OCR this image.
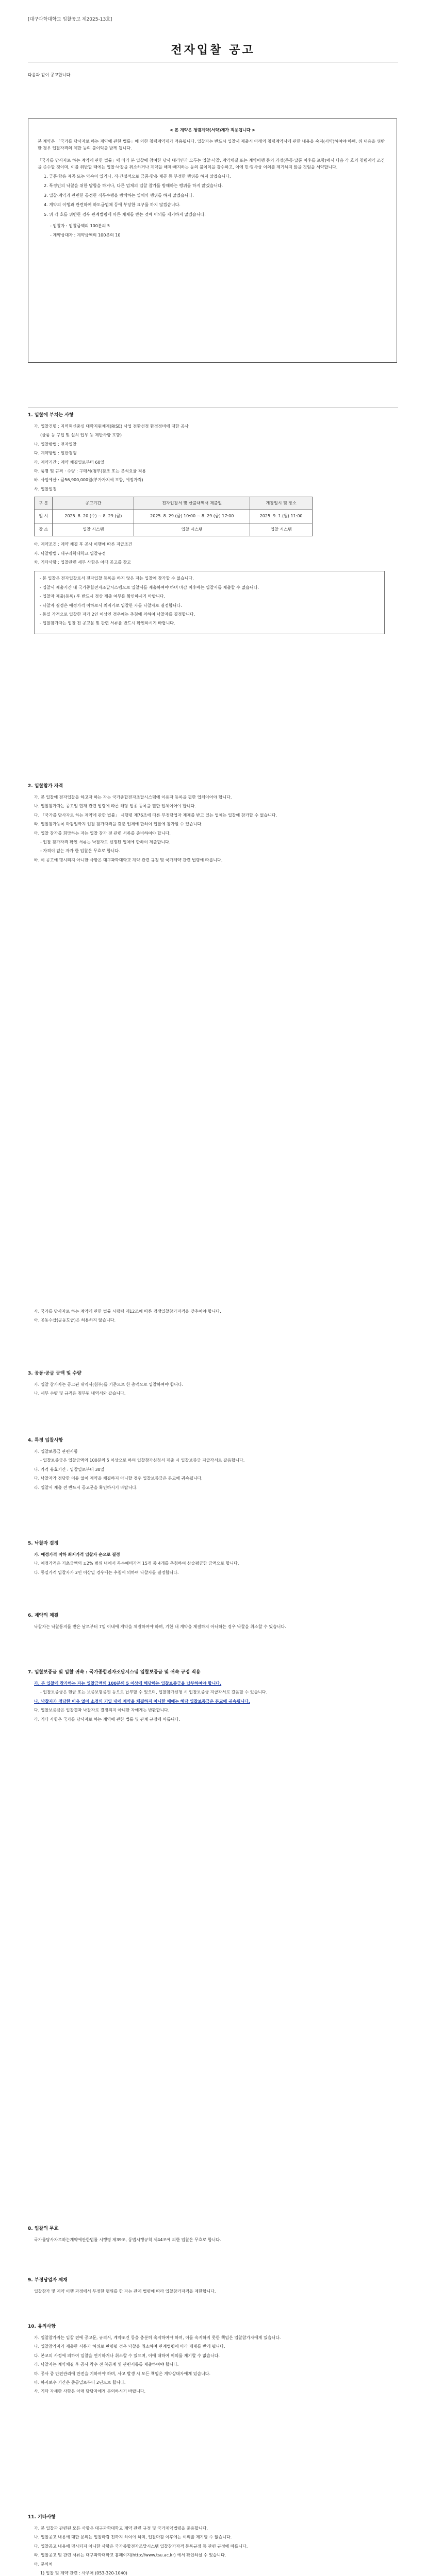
[대구과학대학교 입찰공고 제2025-13호]
전자입찰 공고
다음과 같이 공고합니다.
< 본 계약은 청렴계약(서약)제가 적용됩니다 >

본 계약은 「국가를 당사자로 하는 계약에 관한 법률」에 의한 청렴계약제가 적용됩니다. 입찰자는 반드시 입찰서 제출시 아래의 청렴계약서에 관한 내용을 숙지(서약)하여야 하며, 위 내용을 위반한 경우 입찰자격의 제한 등의 불이익을 받게 됩니다.

「국가를 당사자로 하는 계약에 관한 법률」에 따라 본 입찰에 참여한 당사 대리인과 모두는 입찰·낙찰, 계약체결 또는 계약이행 등의 과정(준공·납품 이후를 포함)에서 다음 각 호의 청렴계약 조건을 준수할 것이며, 이를 위반할 때에는 입찰·낙찰을 취소하거나 계약을 해제·해지하는 등의 불이익을 감수하고, 이에 민·형사상 이의를 제기하지 않을 것임을 서약합니다.

1. 금품·향응 제공 또는 약속이 있거나, 직·간접적으로 금품·향응 제공 등 부정한 행위를 하지 않겠습니다.

2. 특정인의 낙찰을 위한 담합을 하거나, 다른 업체의 입찰 참가를 방해하는 행위를 하지 않겠습니다.

3. 입찰·계약과 관련한 공정한 직무수행을 방해하는 일체의 행위를 하지 않겠습니다.

4. 계약의 이행과 관련하여 하도급업체 등에 부당한 요구를 하지 않겠습니다.

5. 위 각 호를 위반한 경우 관계법령에 따른 제재를 받는 것에 이의를 제기하지 않겠습니다.

- 입찰자 : 입찰금액의 100분의 5

- 계약상대자 : 계약금액의 100분의 10

1. 입찰에 부치는 사항

가. 입찰건명 : 지역혁신중심 대학지원체계(RISE) 사업 전환선정 환경정비에 대한 공사

(물품 등 구입 및 설치 업무 등 제반사항 포함)

나. 입찰방법 : 전자입찰

다. 계약방법 : 일반경쟁

라. 계약기간 : 계약 체결일로부터 60일

마. 품명 및 규격 · 수량 : 구매서(첨부)참조 또는 분석요율 적용

바. 사업예산 : 금56,900,000원(부가가치세 포함, 예정가격)

사. 입찰일정

구 분	공고기간	전자입찰서 및 산출내역서 제출일	개찰일시 및 장소
일 시	2025. 8. 20.(수) ~ 8. 29.(금)	2025. 8. 29.(금) 10:00 ~ 8. 29.(금) 17:00	2025. 9. 1.(월) 11:00
장 소	입찰 시스템	입찰 시스템	입찰 시스템

아. 계약조건 : 계약 체결 후 공사 이행에 따른 지급조건

자. 낙찰방법 : 대구과학대학교 입찰규정

차. 기타사항 : 입찰관련 세부 사항은 아래 공고를 참고

- 본 입찰은 전자입찰로서 전자입찰 등록을 하지 않은 자는 입찰에 참가할 수 없습니다.

- 입찰서 제출기간 내 국가종합전자조달시스템으로 입찰서를 제출하여야 하며 마감 이후에는 입찰서를 제출할 수 없습니다.

- 입찰자 제출(등록) 후 반드시 정상 제출 여부를 확인하시기 바랍니다.

- 낙찰자 결정은 예정가격 이하로서 최저가로 입찰한 자를 낙찰자로 결정합니다.

- 동일 가격으로 입찰한 자가 2인 이상인 경우에는 추첨에 의하여 낙찰자를 결정합니다.

- 입찰참가자는 입찰 전 공고문 및 관련 서류를 반드시 확인하시기 바랍니다.

2. 입찰참가 자격

가. 본 입찰에 전자입찰을 하고자 하는 자는 국가종합전자조달시스템에 이용자 등록을 필한 업체이어야 합니다.

나. 입찰참가자는 공고일 현재 관련 법령에 따른 해당 업종 등록을 필한 업체이어야 합니다.

다. 「국가를 당사자로 하는 계약에 관한 법률」 시행령 제76조에 따른 부정당업자 제재를 받고 있는 업체는 입찰에 참가할 수 없습니다.

라. 입찰참가등록 마감일까지 입찰 참가자격을 갖춘 업체에 한하여 입찰에 참가할 수 있습니다.

마. 입찰 참가를 희망하는 자는 입찰 참가 전 관련 서류를 준비하여야 합니다.

- 입찰 참가자격 확인 서류는 낙찰자로 선정된 업체에 한하여 제출합니다.

- 자격이 없는 자가 한 입찰은 무효로 합니다.

바. 이 공고에 명시되지 아니한 사항은 대구과학대학교 계약 관련 규정 및 국가계약 관련 법령에 따릅니다.

사. 국가를 당사자로 하는 계약에 관한 법률 시행령 제12조에 따른 경쟁입찰참가자격을 갖추어야 합니다.

아. 공동수급(공동도급)은 허용하지 않습니다.

3. 공동·공급 금액 및 수량

가. 입찰 참가자는 공고된 내역서(첨부)를 기준으로 한 총액으로 입찰하여야 합니다.

나. 세부 수량 및 규격은 첨부된 내역서와 같습니다.

4. 특정 입찰사항

가. 입찰보증금 관련사항

- 입찰보증금은 입찰금액의 100분의 5 이상으로 하며 입찰참가신청서 제출 시 입찰보증금 지급각서로 갈음합니다.

나. 가격 유효기간 : 입찰일로부터 30일

다. 낙찰자가 정당한 이유 없이 계약을 체결하지 아니할 경우 입찰보증금은 본교에 귀속됩니다.

라. 입찰서 제출 전 반드시 공고문을 확인하시기 바랍니다.

5. 낙찰자 결정

가. 예정가격 이하 최저가격 입찰자 순으로 결정

나. 예정가격은 기초금액의 ±2% 범위 내에서 복수예비가격 15개 중 4개를 추첨하여 산술평균한 금액으로 합니다.

다. 동일가격 입찰자가 2인 이상일 경우에는 추첨에 의하여 낙찰자를 결정합니다.

6. 계약의 체결

낙찰자는 낙찰통지를 받은 날로부터 7일 이내에 계약을 체결하여야 하며, 기한 내 계약을 체결하지 아니하는 경우 낙찰을 취소할 수 있습니다.

7. 입찰보증금 및 입찰 귀속 : 국가종합전자조달시스템 입찰보증금 및 귀속 규정 적용

가. 본 입찰에 참가하는 자는 입찰금액의 100분의 5 이상에 해당하는 입찰보증금을 납부하여야 합니다.

- 입찰보증금은 현금 또는 보증보험증권 등으로 납부할 수 있으며, 입찰참가신청 시 입찰보증금 지급각서로 갈음할 수 있습니다.

나. 낙찰자가 정당한 이유 없이 소정의 기일 내에 계약을 체결하지 아니한 때에는 해당 입찰보증금은 본교에 귀속됩니다.

다. 입찰보증금은 입찰결과 낙찰자로 결정되지 아니한 자에게는 반환합니다.

라. 기타 사항은 국가를 당사자로 하는 계약에 관한 법률 및 관계 규정에 따릅니다.

8. 입찰의 무효

국가를당사자로하는계약에관한법률 시행령 제39조, 동법시행규칙 제44조에 의한 입찰은 무효로 합니다.

9. 부정당업자 제재

입찰참가 및 계약 이행 과정에서 부정한 행위를 한 자는 관계 법령에 따라 입찰참가자격을 제한합니다.

10. 유의사항

가. 입찰참가자는 입찰 전에 공고문, 규격서, 계약조건 등을 충분히 숙지하여야 하며, 이를 숙지하지 못한 책임은 입찰참가자에게 있습니다.

나. 입찰참가자가 제출한 서류가 허위로 판명될 경우 낙찰을 취소하며 관계법령에 따라 제재를 받게 됩니다.

다. 본교의 사정에 의하여 입찰을 연기하거나 취소할 수 있으며, 이에 대하여 이의를 제기할 수 없습니다.

라. 낙찰자는 계약체결 후 공사 착수 전 착공계 및 관련서류를 제출하여야 합니다.

마. 공사 중 안전관리에 만전을 기하여야 하며, 사고 발생 시 모든 책임은 계약상대자에게 있습니다.

바. 하자보수 기간은 준공일로부터 2년으로 합니다.

사. 기타 자세한 사항은 아래 담당자에게 문의하시기 바랍니다.

11. 기타사항

가. 본 입찰과 관련된 모든 사항은 대구과학대학교 계약 관련 규정 및 국가계약법령을 준용합니다.

나. 입찰공고 내용에 대한 문의는 입찰마감 전까지 하여야 하며, 입찰마감 이후에는 이의를 제기할 수 없습니다.

다. 입찰공고 내용에 명시되지 아니한 사항은 국가종합전자조달시스템 입찰참가자격 등록규정 등 관련 규정에 따릅니다.

라. 입찰공고 및 관련 서류는 대구과학대학교 홈페이지(http://www.tsu.ac.kr) 에서 확인하실 수 있습니다.

마. 문의처

1) 입찰 및 계약 관련 : 사무처 (053-320-1040)
